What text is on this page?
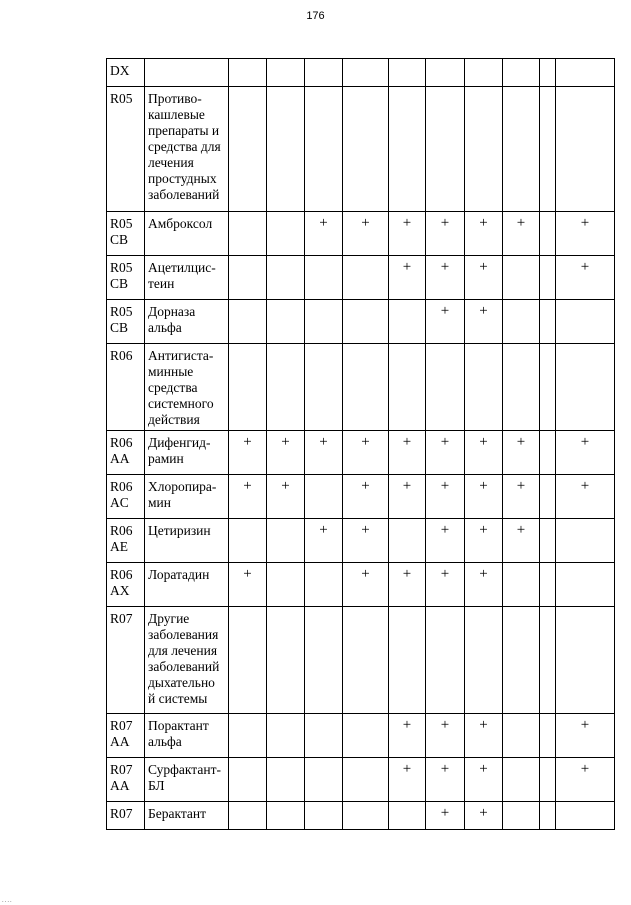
176
DX											
R05	Противо-кашлевые препараты и средства для лечения простудных заболеваний										
R05 CB	Амброксол			+	+	+	+	+	+		+
R05 CB	Ацетилцис-теин					+	+	+			+
R05 CB	Дорназа альфа						+	+			
R06	Антигиста-минные средства системного действия										
R06 AA	Дифенгид-рамин	+	+	+	+	+	+	+	+		+
R06 AC	Хлоропира-мин	+	+		+	+	+	+	+		+
R06 AE	Цетиризин			+	+		+	+	+		
R06 AX	Лоратадин	+			+	+	+	+			
R07	Другие заболевания для лечения заболеваний дыхательно й системы										
R07 AA	Порактант альфа					+	+	+			+
R07 AA	Сурфактант-БЛ					+	+	+			+
R07	Берактант						+	+			
....
